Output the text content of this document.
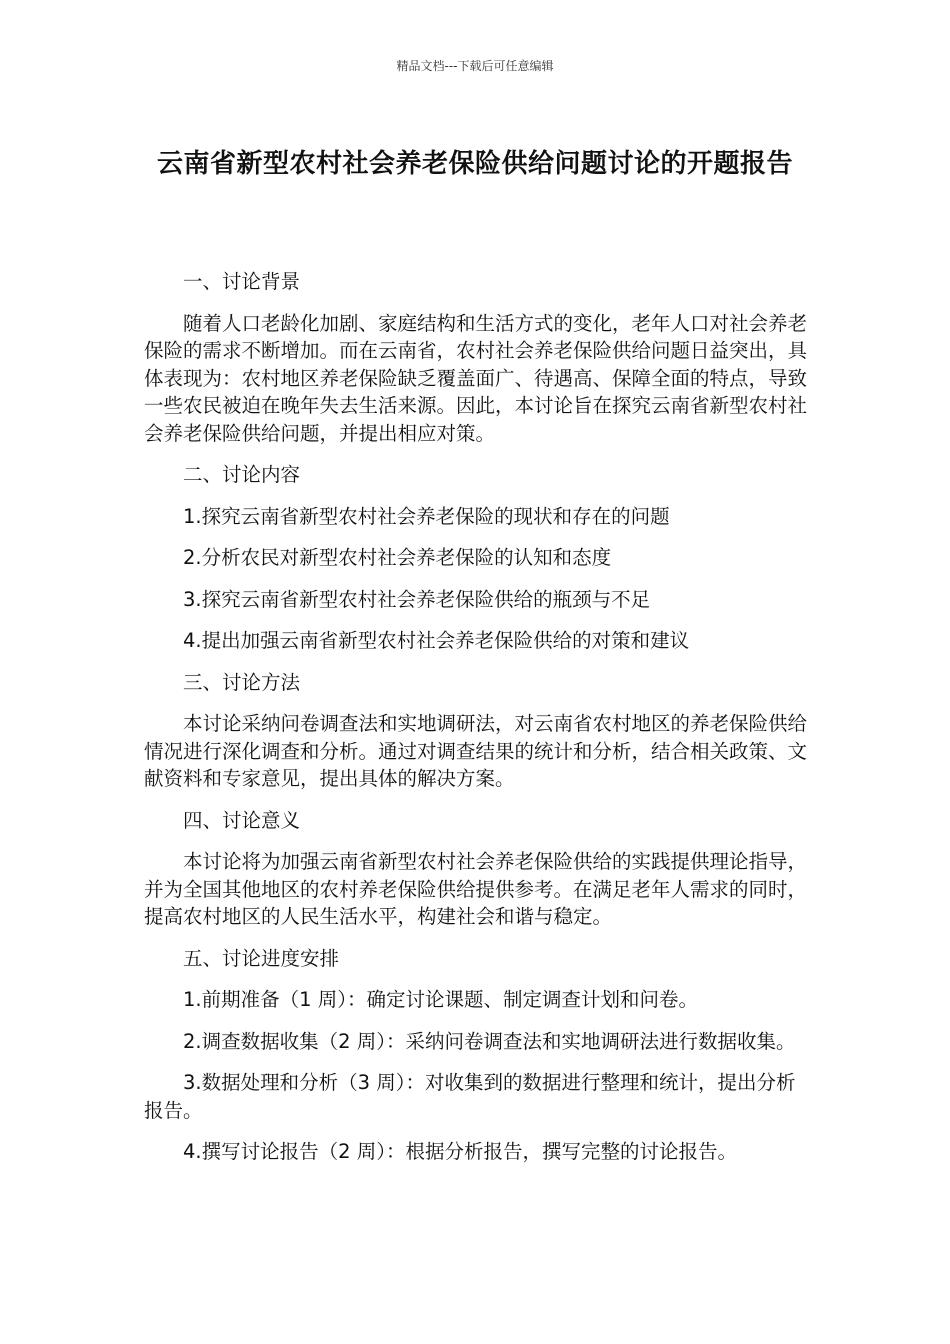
精品文档---下载后可任意编辑
云南省新型农村社会养老保险供给问题讨论的开题报告

一、讨论背景

随着人口老龄化加剧、家庭结构和生活方式的变化，老年人口对社会养老保险的需求不断增加。而在云南省，农村社会养老保险供给问题日益突出，具体表现为：农村地区养老保险缺乏覆盖面广、待遇高、保障全面的特点，导致一些农民被迫在晚年失去生活来源。因此，本讨论旨在探究云南省新型农村社会养老保险供给问题，并提出相应对策。

二、讨论内容

1.探究云南省新型农村社会养老保险的现状和存在的问题

2.分析农民对新型农村社会养老保险的认知和态度

3.探究云南省新型农村社会养老保险供给的瓶颈与不足

4.提出加强云南省新型农村社会养老保险供给的对策和建议

三、讨论方法

本讨论采纳问卷调查法和实地调研法，对云南省农村地区的养老保险供给情况进行深化调查和分析。通过对调查结果的统计和分析，结合相关政策、文献资料和专家意见，提出具体的解决方案。

四、讨论意义

本讨论将为加强云南省新型农村社会养老保险供给的实践提供理论指导，并为全国其他地区的农村养老保险供给提供参考。在满足老年人需求的同时，提高农村地区的人民生活水平，构建社会和谐与稳定。

五、讨论进度安排

1.前期准备（1 周）：确定讨论课题、制定调查计划和问卷。

2.调查数据收集（2 周）：采纳问卷调查法和实地调研法进行数据收集。

3.数据处理和分析（3 周）：对收集到的数据进行整理和统计，提出分析报告。

4.撰写讨论报告（2 周）：根据分析报告，撰写完整的讨论报告。
